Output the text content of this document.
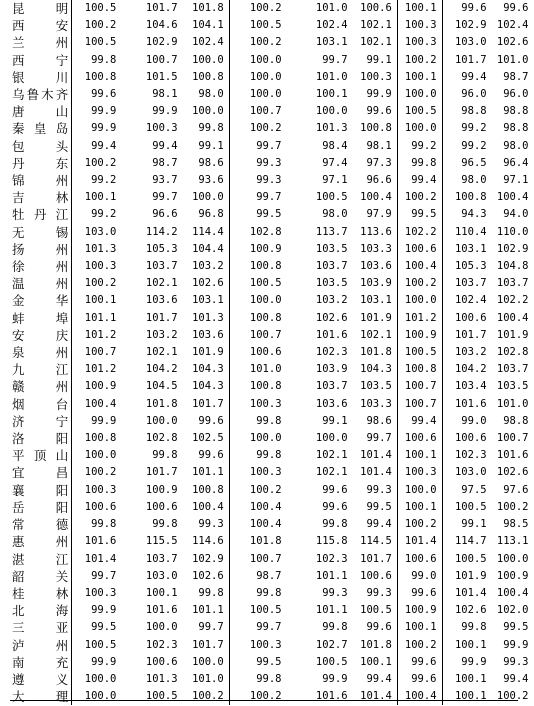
昆 明	100.5	101.7	101.8	100.2	101.0	100.6	100.1	99.6	99.6

西 安	100.2	104.6	104.1	100.5	102.4	102.1	100.3	102.9	102.4

兰 州	100.5	102.9	102.4	100.2	103.1	102.1	100.3	103.0	102.6

西 宁	99.8	100.7	100.0	100.0	99.7	99.1	100.2	101.7	101.0

银 川	100.8	101.5	100.8	100.0	101.0	100.3	100.1	99.4	98.7

乌 鲁 木 齐	99.6	98.1	98.0	100.0	100.1	99.9	100.0	96.0	96.0

唐 山	99.9	99.9	100.0	100.7	100.0	99.6	100.5	98.8	98.8

秦 皇 岛	99.9	100.3	99.8	100.2	101.3	100.8	100.0	99.2	98.8

包 头	99.4	99.4	99.1	99.7	98.4	98.1	99.2	99.2	98.0

丹 东	100.2	98.7	98.6	99.3	97.4	97.3	99.8	96.5	96.4

锦 州	99.2	93.7	93.6	99.3	97.1	96.6	99.4	98.0	97.1

吉 林	100.1	99.7	100.0	99.7	100.5	100.4	100.2	100.8	100.4

牡 丹 江	99.2	96.6	96.8	99.5	98.0	97.9	99.5	94.3	94.0

无 锡	103.0	114.2	114.4	102.8	113.7	113.6	102.2	110.4	110.0

扬 州	101.3	105.3	104.4	100.9	103.5	103.3	100.6	103.1	102.9

徐 州	100.3	103.7	103.2	100.8	103.7	103.6	100.4	105.3	104.8

温 州	100.2	102.1	102.6	100.5	103.5	103.9	100.2	103.7	103.7

金 华	100.1	103.6	103.1	100.0	103.2	103.1	100.0	102.4	102.2

蚌 埠	101.1	101.7	101.3	100.8	102.6	101.9	101.2	100.6	100.4

安 庆	101.2	103.2	103.6	100.7	101.6	102.1	100.9	101.7	101.9

泉 州	100.7	102.1	101.9	100.6	102.3	101.8	100.5	103.2	102.8

九 江	101.2	104.2	104.3	101.0	103.9	104.3	100.8	104.2	103.7

赣 州	100.9	104.5	104.3	100.8	103.7	103.5	100.7	103.4	103.5

烟 台	100.4	101.8	101.7	100.3	103.6	103.3	100.7	101.6	101.0

济 宁	99.9	100.0	99.6	99.8	99.1	98.6	99.4	99.0	98.8

洛 阳	100.8	102.8	102.5	100.0	100.0	99.7	100.6	100.6	100.7

平 顶 山	100.0	99.8	99.6	99.8	102.1	101.4	100.1	102.3	101.6

宜 昌	100.2	101.7	101.1	100.3	102.1	101.4	100.3	103.0	102.6

襄 阳	100.3	100.9	100.8	100.2	99.6	99.3	100.0	97.5	97.6

岳 阳	100.6	100.6	100.4	100.4	99.6	99.5	100.1	100.5	100.2

常 德	99.8	99.8	99.3	100.4	99.8	99.4	100.2	99.1	98.5

惠 州	101.6	115.5	114.6	101.8	115.8	114.5	101.4	114.7	113.1

湛 江	101.4	103.7	102.9	100.7	102.3	101.7	100.6	100.5	100.0

韶 关	99.7	103.0	102.6	98.7	101.1	100.6	99.0	101.9	100.9

桂 林	100.3	100.1	99.8	99.8	99.3	99.3	99.6	101.4	100.4

北 海	99.9	101.6	101.1	100.5	101.1	100.5	100.9	102.6	102.0

三 亚	99.5	100.0	99.7	99.7	99.8	99.6	100.1	99.8	99.5

泸 州	100.5	102.3	101.7	100.3	102.7	101.8	100.2	100.1	99.9

南 充	99.9	100.6	100.0	99.5	100.5	100.1	99.6	99.9	99.3

遵 义	100.0	101.3	101.0	99.8	99.9	99.4	99.6	100.1	99.4

大 理	100.0	100.5	100.2	100.2	101.6	101.4	100.4	100.1	100.2
